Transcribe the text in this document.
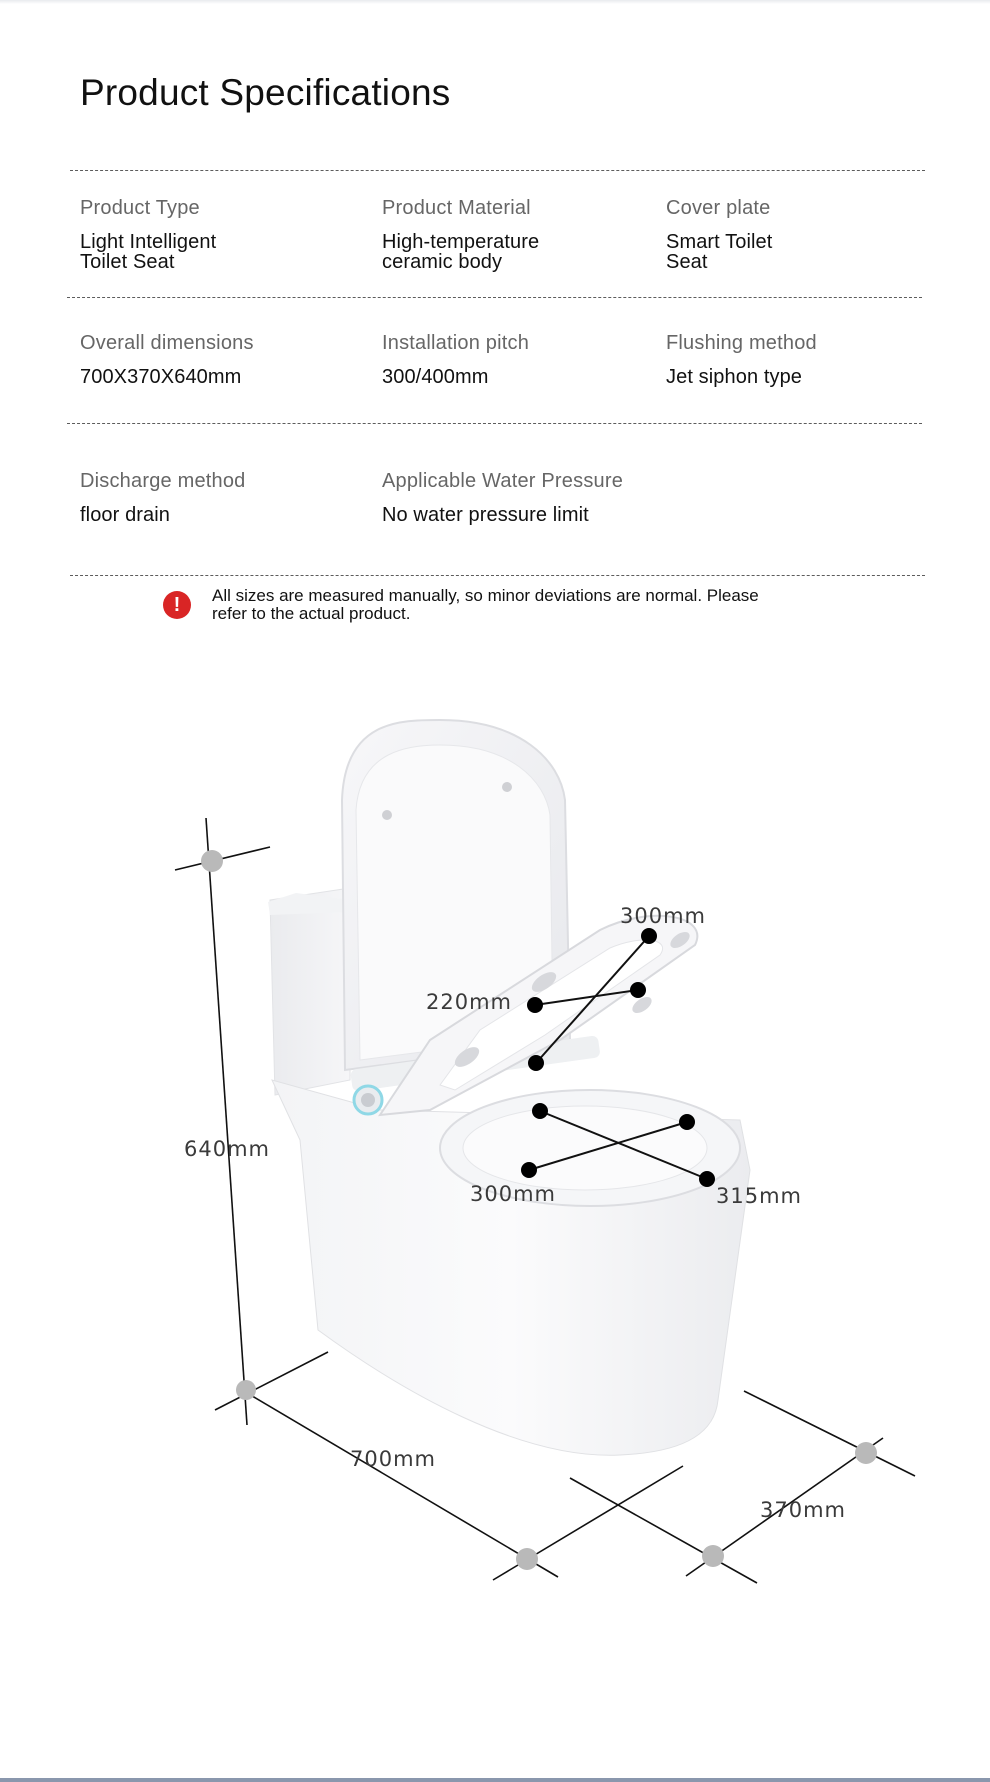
Product Specifications
Product Type
Light Intelligent
Toilet Seat
Product Material
High-temperature
ceramic body
Cover plate
Smart Toilet
Seat
Overall dimensions
700X370X640mm
Installation pitch
300/400mm
Flushing method
Jet siphon type
Discharge method
floor drain
Applicable Water Pressure
No water pressure limit
!	All sizes are measured manually, so minor deviations are normal. Please refer to the actual product.
640mm
700mm
370mm
300mm
220mm
300mm	315mm
